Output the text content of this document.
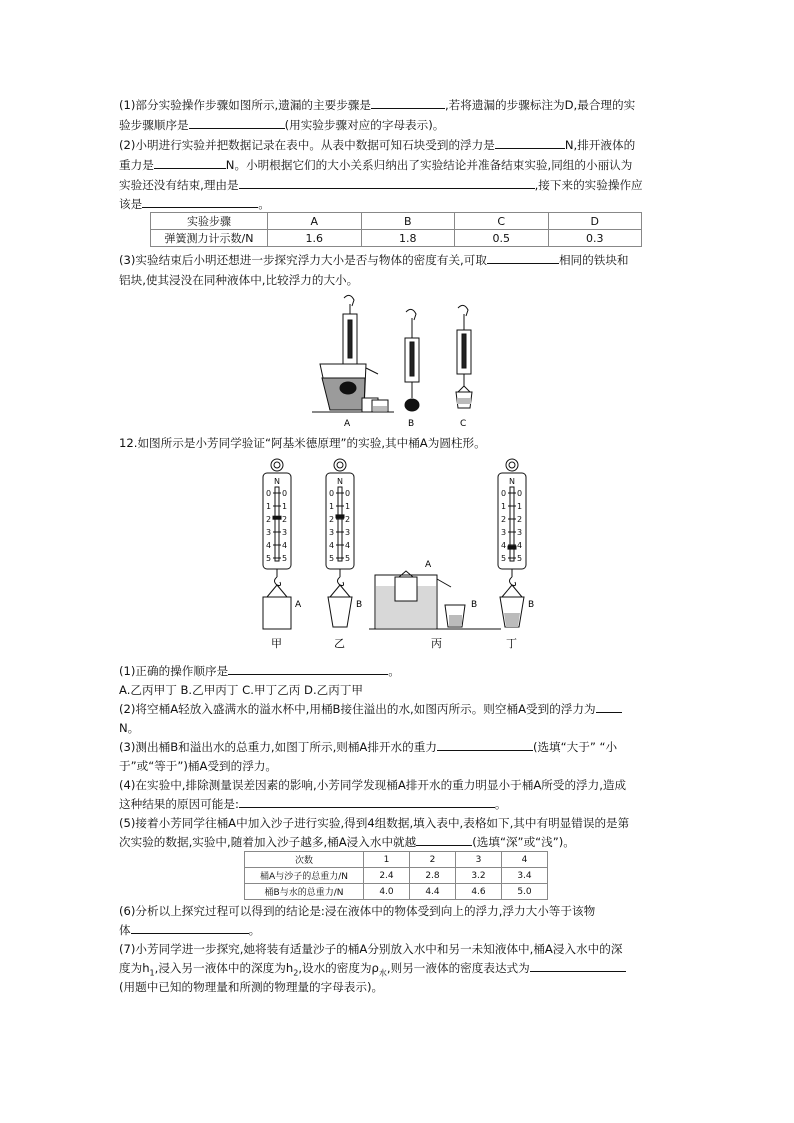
(1)部分实验操作步骤如图所示,遗漏的主要步骤是	,若将遗漏的步骤标注为D,最合理的实
验步骤顺序是	(用实验步骤对应的字母表示)。
(2)小明进行实验并把数据记录在表中。从表中数据可知石块受到的浮力是	N,排开液体的
重力是	N。小明根据它们的大小关系归纳出了实验结论并准备结束实验,同组的小丽认为
实验还没有结束,理由是	,接下来的实验操作应
该是	。
实验步骤	A	B	C	D
弹簧测力计示数/N	1.6	1.8	0.5	0.3
(3)实验结束后小明还想进一步探究浮力大小是否与物体的密度有关,可取	相同的铁块和
铝块,使其浸没在同种液体中,比较浮力的大小。
A	B	C
12.如图所示是小芳同学验证“阿基米德原理”的实验,其中桶A为圆柱形。
N
0 0
1 1
2 2
3 3
4 4
5 5
N
0 0
1 1
2 2
3 3
4 4
5 5
N
0 0
1 1
2 2
3 3
4 4
5 5
A	B	B
A
B
甲	乙	丙	丁
(1)正确的操作顺序是	。
A.乙丙甲丁 B.乙甲丙丁 C.甲丁乙丙 D.乙丙丁甲
(2)将空桶A轻放入盛满水的溢水杯中,用桶B接住溢出的水,如图丙所示。则空桶A受到的浮力为
N。
(3)测出桶B和溢出水的总重力,如图丁所示,则桶A排开水的重力	(选填“大于” “小
于”或“等于”)桶A受到的浮力。
(4)在实验中,排除测量误差因素的影响,小芳同学发现桶A排开水的重力明显小于桶A所受的浮力,造成
这种结果的原因可能是:	。
(5)接着小芳同学往桶A中加入沙子进行实验,得到4组数据,填入表中,表格如下,其中有明显错误的是第
次实验的数据,实验中,随着加入沙子越多,桶A浸入水中就越	(选填“深”或“浅”)。
次数	1	2	3	4
桶A与沙子的总重力/N	2.4	2.8	3.2	3.4
桶B与水的总重力/N	4.0	4.4	4.6	5.0
(6)分析以上探究过程可以得到的结论是:浸在液体中的物体受到向上的浮力,浮力大小等于该物
体	。
(7)小芳同学进一步探究,她将装有适量沙子的桶A分别放入水中和另一未知液体中,桶A浸入水中的深
度为$h_1$,浸入另一液体中的深度为$h_2$,设水的密度为$\rho_水$,则另一液体的密度表达式为
(用题中已知的物理量和所测的物理量的字母表示)。
